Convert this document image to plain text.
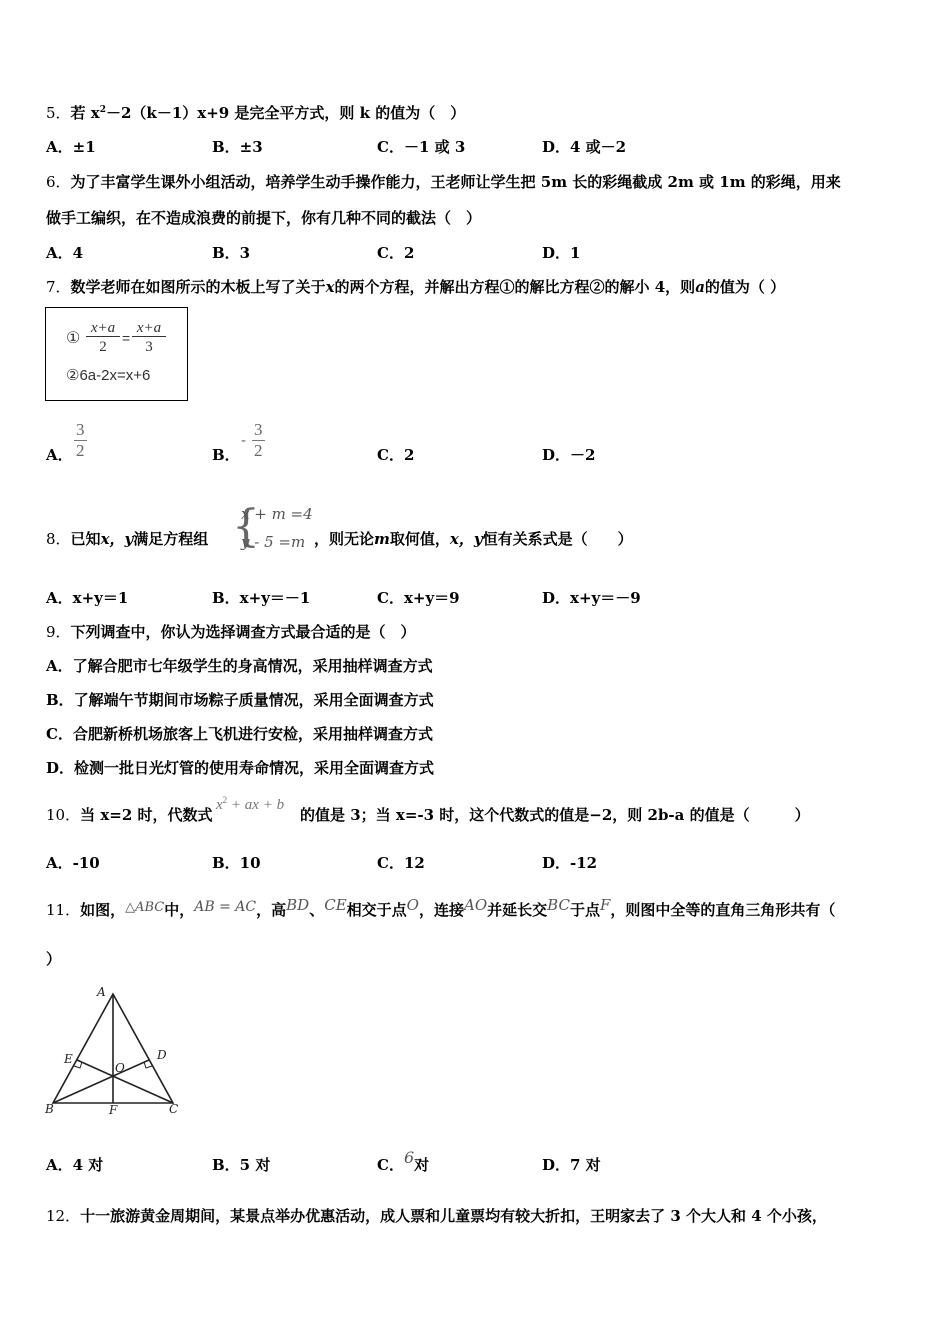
5．若 $x^2-2(k-1)x+9$ 是完全平方式，则 k 的值为（　）
A．±1	B．±3	C．－1 或 3	D．4 或－2
6．为了丰富学生课外小组活动，培养学生动手操作能力，王老师让学生把 5m 长的彩绳截成 2m 或 1m 的彩绳，用来
做手工编织，在不造成浪费的前提下，你有几种不同的截法（　）
A．4	B．3	C．2	D．1
7．数学老师在如图所示的木板上写了关于x的两个方程，并解出方程①的解比方程②的解小 4，则a的值为（ ）
①
x+a
2
=
x+a
3
②6a-2x=x+6
A． $\frac{3}{2}$	B．
- $\frac{3}{2}$	C．2	D．－2
8．已知x，y满足方程组 {
x + m =4
y - 5 =m ，则无论m取何值，x，y恒有关系式是（　　）
A．x+y＝1	B．x+y＝－1	C．x+y＝9	D．x+y＝－9
9．下列调查中，你认为选择调查方式最合适的是（　）
A．了解合肥市七年级学生的身高情况，采用抽样调查方式
B．了解端午节期间市场粽子质量情况，采用全面调查方式
C．合肥新桥机场旅客上飞机进行安检，采用抽样调查方式
D．检测一批日光灯管的使用寿命情况，采用全面调查方式
10．当 x=2 时，代数式
$x^2$ + ax + b
的值是 3；当 x=-3 时，这个代数式的值是−2，则 2b-a 的值是（　　　）
A．-10	B．10	C．12	D．-12
11．如图，△ABC中，AB = AC，高BD、CE相交于点O，连接AO并延长交BC于点F，则图中全等的直角三角形共有（
）
A
B	C
D
E
F
O
A．4 对	B．5 对	C．6对	D．7 对
12．十一旅游黄金周期间，某景点举办优惠活动，成人票和儿童票均有较大折扣，王明家去了 3 个大人和 4 个小孩，
